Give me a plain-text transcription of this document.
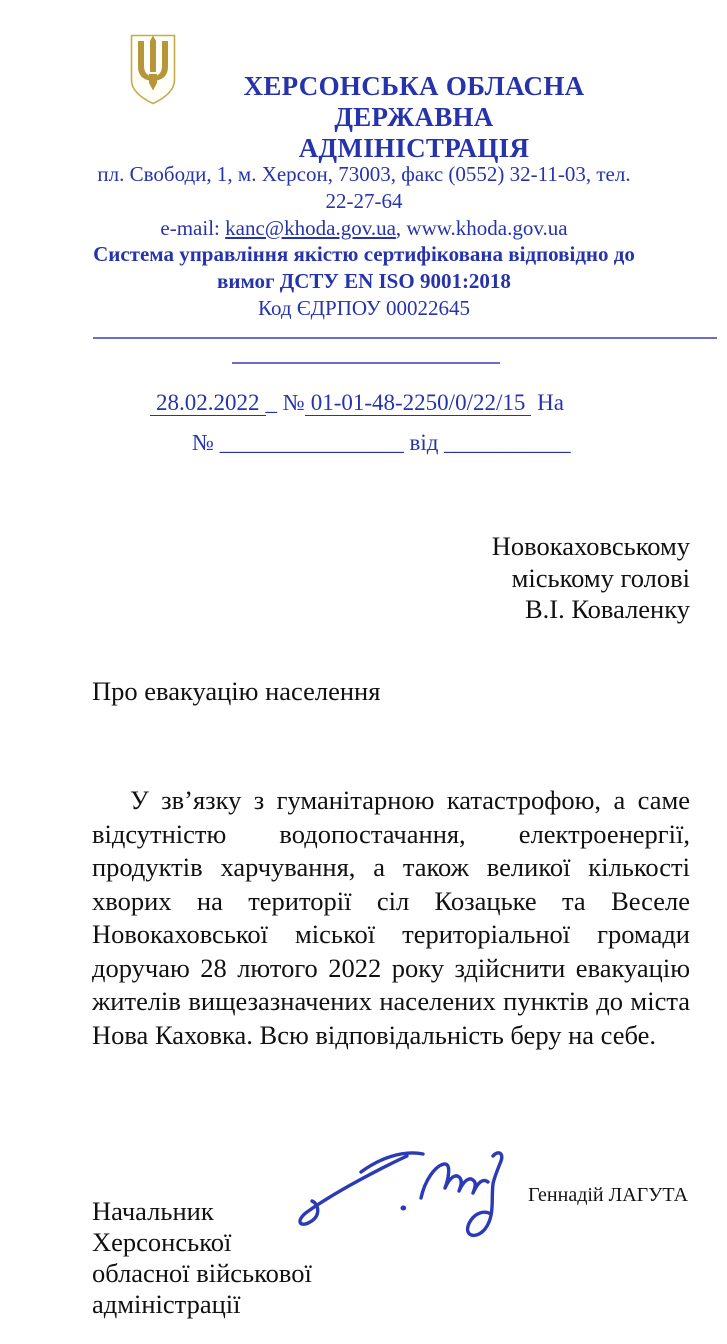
ХЕРСОНСЬКА ОБЛАСНА ДЕРЖАВНА
АДМІНІСТРАЦІЯ
пл. Свободи, 1, м. Херсон, 73003, факс (0552) 32-11-03, тел.
22-27-64
e-mail: kanc@khoda.gov.ua, www.khoda.gov.ua
Система управління якістю сертифікована відповідно до
вимог ДСТУ EN ISO 9001:2018
Код ЄДРПОУ 00022645
28.02.2022 _ № 01-01-48-2250/0/22/15 На
№ ________________ від ___________
Новокаховському
міському голові
В.І. Коваленку
Про евакуацію населення
У зв’язку з гуманітарною катастрофою, а саме
відсутністю водопостачання, електроенергії,
продуктів харчування, а також великої кількості
хворих на території сіл Козацьке та Веселе
Новокаховської міської територіальної громади
доручаю 28 лютого 2022 року здійснити евакуацію
жителів вищезазначених населених пунктів до міста
Нова Каховка. Всю відповідальність беру на себе.
Начальник
Херсонської
обласної військової
адміністрації
Геннадій ЛАГУТА
